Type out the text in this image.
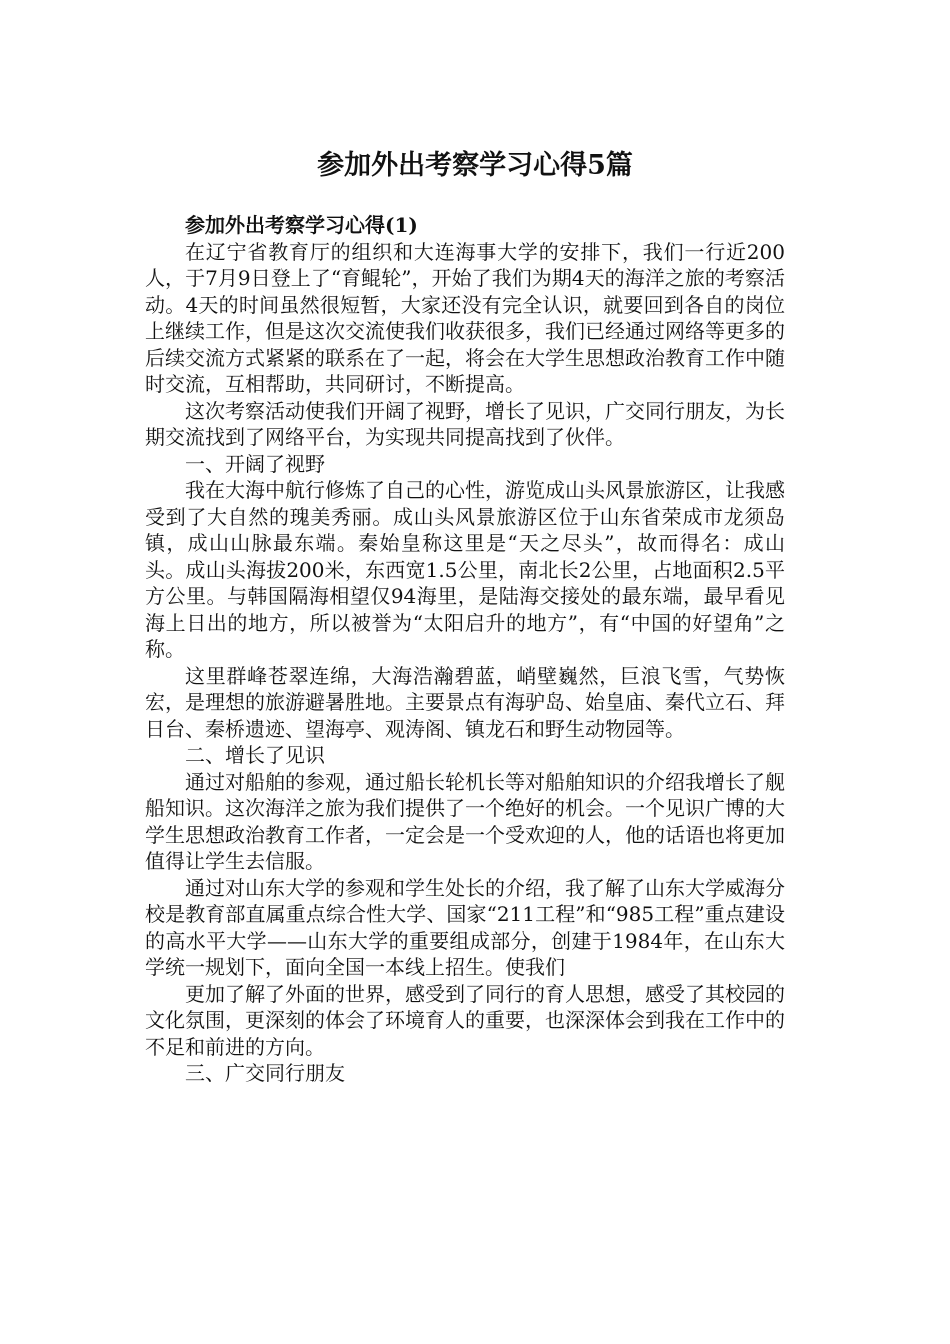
参加外出考察学习心得5篇

参加外出考察学习心得(1)

在辽宁省教育厅的组织和大连海事大学的安排下，我们一行近200人，于7月9日登上了“育鲲轮”，开始了我们为期4天的海洋之旅的考察活动。4天的时间虽然很短暂，大家还没有完全认识，就要回到各自的岗位上继续工作，但是这次交流使我们收获很多，我们已经通过网络等更多的后续交流方式紧紧的联系在了一起，将会在大学生思想政治教育工作中随时交流，互相帮助，共同研讨，不断提高。

这次考察活动使我们开阔了视野，增长了见识，广交同行朋友，为长期交流找到了网络平台，为实现共同提高找到了伙伴。

一、开阔了视野

我在大海中航行修炼了自己的心性，游览成山头风景旅游区，让我感受到了大自然的瑰美秀丽。成山头风景旅游区位于山东省荣成市龙须岛镇，成山山脉最东端。秦始皇称这里是“天之尽头”，故而得名：成山头。成山头海拔200米，东西宽1.5公里，南北长2公里，占地面积2.5平方公里。与韩国隔海相望仅94海里，是陆海交接处的最东端，最早看见海上日出的地方，所以被誉为“太阳启升的地方”，有“中国的好望角”之称。

这里群峰苍翠连绵，大海浩瀚碧蓝，峭壁巍然，巨浪飞雪，气势恢宏，是理想的旅游避暑胜地。主要景点有海驴岛、始皇庙、秦代立石、拜日台、秦桥遗迹、望海亭、观涛阁、镇龙石和野生动物园等。

二、增长了见识

通过对船舶的参观，通过船长轮机长等对船舶知识的介绍我增长了舰船知识。这次海洋之旅为我们提供了一个绝好的机会。一个见识广博的大学生思想政治教育工作者，一定会是一个受欢迎的人，他的话语也将更加值得让学生去信服。

通过对山东大学的参观和学生处长的介绍，我了解了山东大学威海分校是教育部直属重点综合性大学、国家“211工程”和“985工程”重点建设的高水平大学——山东大学的重要组成部分，创建于1984年，在山东大学统一规划下，面向全国一本线上招生。使我们

更加了解了外面的世界，感受到了同行的育人思想，感受了其校园的文化氛围，更深刻的体会了环境育人的重要，也深深体会到我在工作中的不足和前进的方向。

三、广交同行朋友
